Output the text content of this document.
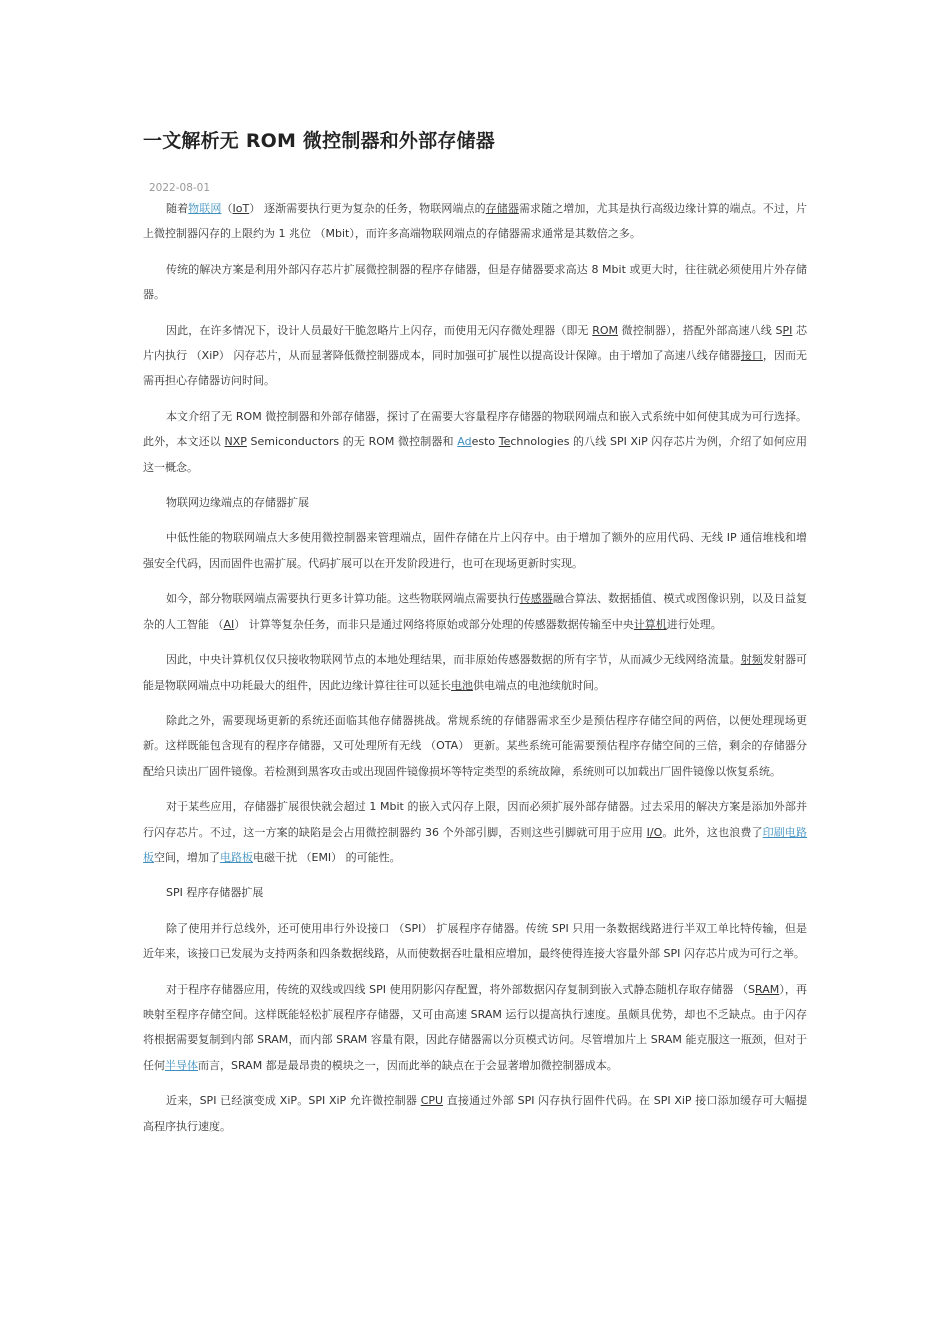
一文解析无 ROM 微控制器和外部存储器
2022-08-01

随着物联网（IoT） 逐渐需要执行更为复杂的任务，物联网端点的存储器需求随之增加，尤其是执行高级边缘计算的端点。不过，片上微控制器闪存的上限约为 1 兆位 （Mbit），而许多高端物联网端点的存储器需求通常是其数倍之多。

传统的解决方案是利用外部闪存芯片扩展微控制器的程序存储器，但是存储器要求高达 8 Mbit 或更大时，往往就必须使用片外存储器。

因此，在许多情况下，设计人员最好干脆忽略片上闪存，而使用无闪存微处理器（即无 ROM 微控制器），搭配外部高速八线 SPI 芯片内执行 （XiP） 闪存芯片，从而显著降低微控制器成本，同时加强可扩展性以提高设计保障。由于增加了高速八线存储器接口，因而无需再担心存储器访问时间。

本文介绍了无 ROM 微控制器和外部存储器，探讨了在需要大容量程序存储器的物联网端点和嵌入式系统中如何使其成为可行选择。此外，本文还以 NXP Semiconductors 的无 ROM 微控制器和 Adesto Technologies 的八线 SPI XiP 闪存芯片为例，介绍了如何应用这一概念。

物联网边缘端点的存储器扩展

中低性能的物联网端点大多使用微控制器来管理端点，固件存储在片上闪存中。由于增加了额外的应用代码、无线 IP 通信堆栈和增强安全代码，因而固件也需扩展。代码扩展可以在开发阶段进行，也可在现场更新时实现。

如今，部分物联网端点需要执行更多计算功能。这些物联网端点需要执行传感器融合算法、数据插值、模式或图像识别，以及日益复杂的人工智能 （AI） 计算等复杂任务，而非只是通过网络将原始或部分处理的传感器数据传输至中央计算机进行处理。

因此，中央计算机仅仅只接收物联网节点的本地处理结果，而非原始传感器数据的所有字节，从而减少无线网络流量。射频发射器可能是物联网端点中功耗最大的组件，因此边缘计算往往可以延长电池供电端点的电池续航时间。

除此之外，需要现场更新的系统还面临其他存储器挑战。常规系统的存储器需求至少是预估程序存储空间的两倍，以便处理现场更新。这样既能包含现有的程序存储器，又可处理所有无线 （OTA） 更新。某些系统可能需要预估程序存储空间的三倍，剩余的存储器分配给只读出厂固件镜像。若检测到黑客攻击或出现固件镜像损坏等特定类型的系统故障，系统则可以加载出厂固件镜像以恢复系统。

对于某些应用，存储器扩展很快就会超过 1 Mbit 的嵌入式闪存上限，因而必须扩展外部存储器。过去采用的解决方案是添加外部并行闪存芯片。不过，这一方案的缺陷是会占用微控制器约 36 个外部引脚，否则这些引脚就可用于应用 I/O。此外，这也浪费了印刷电路板空间，增加了电路板电磁干扰 （EMI） 的可能性。

SPI 程序存储器扩展

除了使用并行总线外，还可使用串行外设接口 （SPI） 扩展程序存储器。传统 SPI 只用一条数据线路进行半双工单比特传输，但是近年来，该接口已发展为支持两条和四条数据线路，从而使数据吞吐量相应增加，最终使得连接大容量外部 SPI 闪存芯片成为可行之举。

对于程序存储器应用，传统的双线或四线 SPI 使用阴影闪存配置，将外部数据闪存复制到嵌入式静态随机存取存储器 （SRAM），再映射至程序存储空间。这样既能轻松扩展程序存储器，又可由高速 SRAM 运行以提高执行速度。虽颇具优势，却也不乏缺点。由于闪存将根据需要复制到内部 SRAM，而内部 SRAM 容量有限，因此存储器需以分页模式访问。尽管增加片上 SRAM 能克服这一瓶颈，但对于任何半导体而言，SRAM 都是最昂贵的模块之一，因而此举的缺点在于会显著增加微控制器成本。

近来，SPI 已经演变成 XiP。SPI XiP 允许微控制器 CPU 直接通过外部 SPI 闪存执行固件代码。在 SPI XiP 接口添加缓存可大幅提高程序执行速度。
